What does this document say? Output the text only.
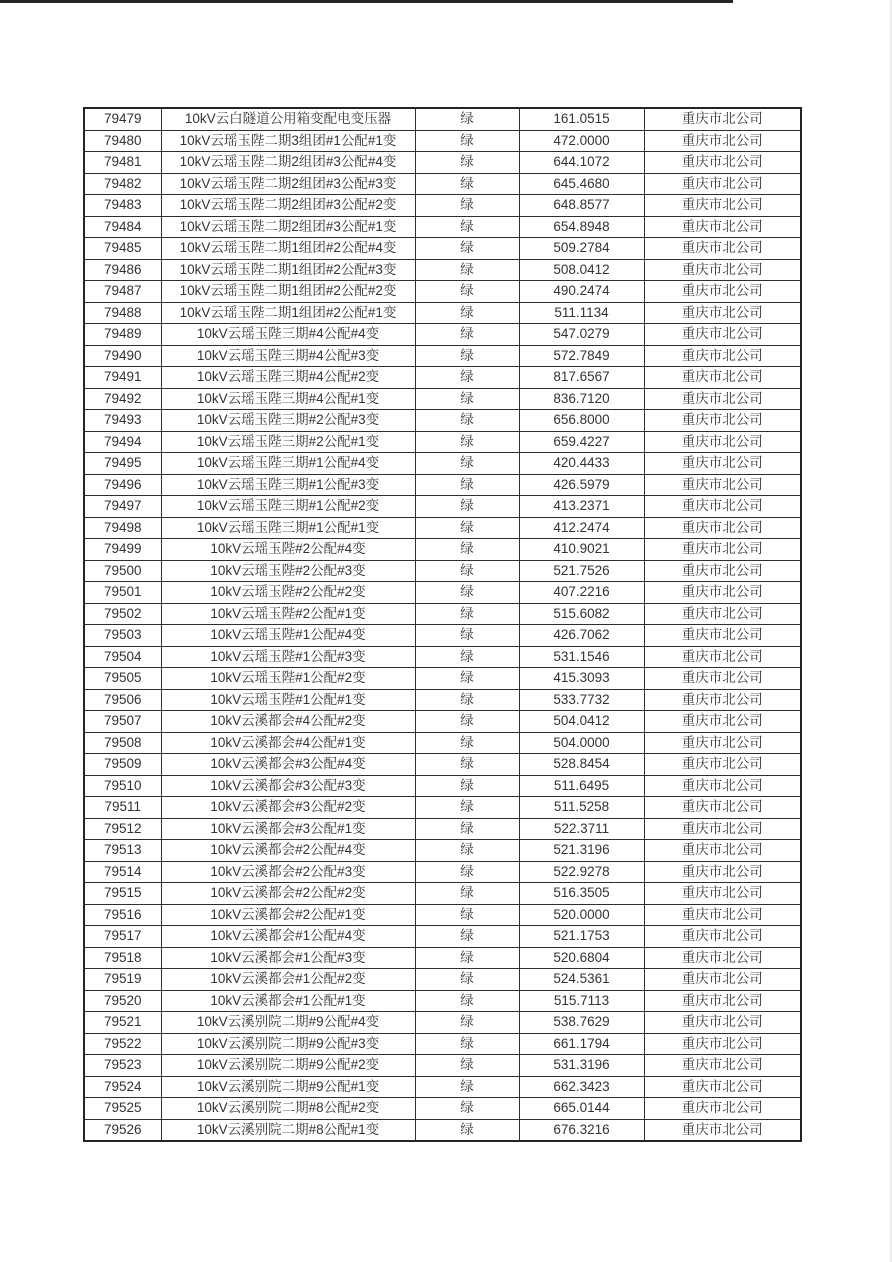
79479	10kV云白隧道公用箱变配电变压器	绿	161.0515	重庆市北公司
79480	10kV云瑶玉陛二期3组团#1公配#1变	绿	472.0000	重庆市北公司
79481	10kV云瑶玉陛二期2组团#3公配#4变	绿	644.1072	重庆市北公司
79482	10kV云瑶玉陛二期2组团#3公配#3变	绿	645.4680	重庆市北公司
79483	10kV云瑶玉陛二期2组团#3公配#2变	绿	648.8577	重庆市北公司
79484	10kV云瑶玉陛二期2组团#3公配#1变	绿	654.8948	重庆市北公司
79485	10kV云瑶玉陛二期1组团#2公配#4变	绿	509.2784	重庆市北公司
79486	10kV云瑶玉陛二期1组团#2公配#3变	绿	508.0412	重庆市北公司
79487	10kV云瑶玉陛二期1组团#2公配#2变	绿	490.2474	重庆市北公司
79488	10kV云瑶玉陛二期1组团#2公配#1变	绿	511.1134	重庆市北公司
79489	10kV云瑶玉陛三期#4公配#4变	绿	547.0279	重庆市北公司
79490	10kV云瑶玉陛三期#4公配#3变	绿	572.7849	重庆市北公司
79491	10kV云瑶玉陛三期#4公配#2变	绿	817.6567	重庆市北公司
79492	10kV云瑶玉陛三期#4公配#1变	绿	836.7120	重庆市北公司
79493	10kV云瑶玉陛三期#2公配#3变	绿	656.8000	重庆市北公司
79494	10kV云瑶玉陛三期#2公配#1变	绿	659.4227	重庆市北公司
79495	10kV云瑶玉陛三期#1公配#4变	绿	420.4433	重庆市北公司
79496	10kV云瑶玉陛三期#1公配#3变	绿	426.5979	重庆市北公司
79497	10kV云瑶玉陛三期#1公配#2变	绿	413.2371	重庆市北公司
79498	10kV云瑶玉陛三期#1公配#1变	绿	412.2474	重庆市北公司
79499	10kV云瑶玉陛#2公配#4变	绿	410.9021	重庆市北公司
79500	10kV云瑶玉陛#2公配#3变	绿	521.7526	重庆市北公司
79501	10kV云瑶玉陛#2公配#2变	绿	407.2216	重庆市北公司
79502	10kV云瑶玉陛#2公配#1变	绿	515.6082	重庆市北公司
79503	10kV云瑶玉陛#1公配#4变	绿	426.7062	重庆市北公司
79504	10kV云瑶玉陛#1公配#3变	绿	531.1546	重庆市北公司
79505	10kV云瑶玉陛#1公配#2变	绿	415.3093	重庆市北公司
79506	10kV云瑶玉陛#1公配#1变	绿	533.7732	重庆市北公司
79507	10kV云溪都会#4公配#2变	绿	504.0412	重庆市北公司
79508	10kV云溪都会#4公配#1变	绿	504.0000	重庆市北公司
79509	10kV云溪都会#3公配#4变	绿	528.8454	重庆市北公司
79510	10kV云溪都会#3公配#3变	绿	511.6495	重庆市北公司
79511	10kV云溪都会#3公配#2变	绿	511.5258	重庆市北公司
79512	10kV云溪都会#3公配#1变	绿	522.3711	重庆市北公司
79513	10kV云溪都会#2公配#4变	绿	521.3196	重庆市北公司
79514	10kV云溪都会#2公配#3变	绿	522.9278	重庆市北公司
79515	10kV云溪都会#2公配#2变	绿	516.3505	重庆市北公司
79516	10kV云溪都会#2公配#1变	绿	520.0000	重庆市北公司
79517	10kV云溪都会#1公配#4变	绿	521.1753	重庆市北公司
79518	10kV云溪都会#1公配#3变	绿	520.6804	重庆市北公司
79519	10kV云溪都会#1公配#2变	绿	524.5361	重庆市北公司
79520	10kV云溪都会#1公配#1变	绿	515.7113	重庆市北公司
79521	10kV云溪别院二期#9公配#4变	绿	538.7629	重庆市北公司
79522	10kV云溪别院二期#9公配#3变	绿	661.1794	重庆市北公司
79523	10kV云溪别院二期#9公配#2变	绿	531.3196	重庆市北公司
79524	10kV云溪别院二期#9公配#1变	绿	662.3423	重庆市北公司
79525	10kV云溪别院二期#8公配#2变	绿	665.0144	重庆市北公司
79526	10kV云溪别院二期#8公配#1变	绿	676.3216	重庆市北公司
